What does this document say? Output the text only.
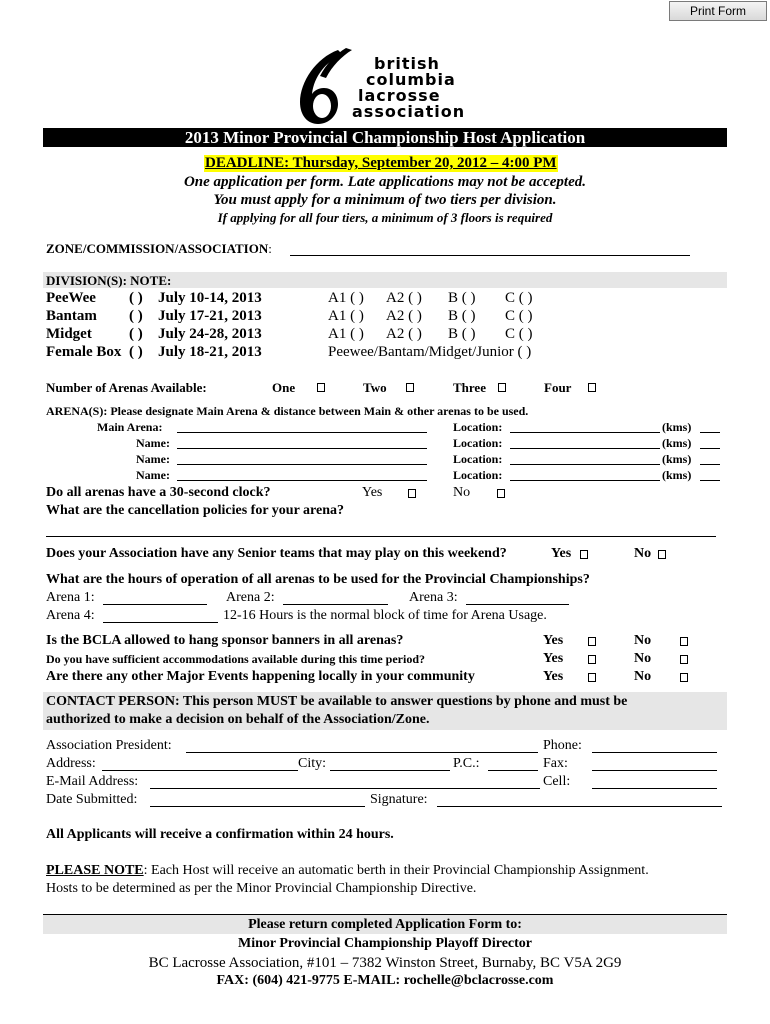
Print Form
british
columbia
lacrosse
association
2013 Minor Provincial Championship Host Application
DEADLINE: Thursday, September 20, 2012 – 4:00 PM
One application per form. Late applications may not be accepted.
You must apply for a minimum of two tiers per division.
If applying for all four tiers, a minimum of 3 floors is required
ZONE/COMMISSION/ASSOCIATION:
DIVISION(S): NOTE:
PeeWee ( ) July 10-14, 2013	A1 ( ) A2 ( ) B ( ) C ( )
Bantam ( ) July 17-21, 2013	A1 ( ) A2 ( ) B ( ) C ( )
Midget ( ) July 24-28, 2013	A1 ( ) A2 ( ) B ( ) C ( )
Female Box ( ) July 18-21, 2013	Peewee/Bantam/Midget/Junior ( )
Number of Arenas Available:	One	Two	Three	Four
ARENA(S): Please designate Main Arena & distance between Main & other arenas to be used.
Main Arena:	Location:	(kms)
Name:	Location:	(kms)
Name:	Location:	(kms)
Name:	Location:	(kms)
Do all arenas have a 30-second clock?	Yes	No
What are the cancellation policies for your arena?
Does your Association have any Senior teams that may play on this weekend?	Yes	No
What are the hours of operation of all arenas to be used for the Provincial Championships?
Arena 1:	Arena 2:	Arena 3:
Arena 4:	12-16 Hours is the normal block of time for Arena Usage.
Is the BCLA allowed to hang sponsor banners in all arenas?	Yes	No
Do you have sufficient accommodations available during this time period?	Yes	No
Are there any other Major Events happening locally in your community	Yes	No
CONTACT PERSON: This person MUST be available to answer questions by phone and must be
authorized to make a decision on behalf of the Association/Zone.
Association President:	Phone:
Address:	City:	P.C.:	Fax:
E-Mail Address:	Cell:
Date Submitted:	Signature:
All Applicants will receive a confirmation within 24 hours.
PLEASE NOTE: Each Host will receive an automatic berth in their Provincial Championship Assignment.
Hosts to be determined as per the Minor Provincial Championship Directive.
Please return completed Application Form to:
Minor Provincial Championship Playoff Director
BC Lacrosse Association, #101 – 7382 Winston Street, Burnaby, BC V5A 2G9
FAX: (604) 421-9775 E-MAIL: rochelle@bclacrosse.com
